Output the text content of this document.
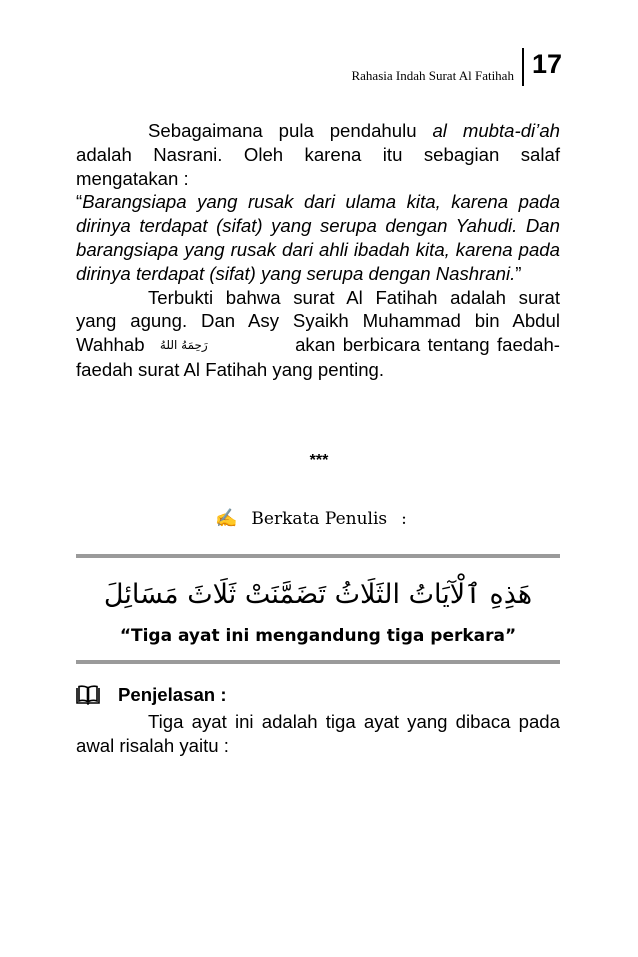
Rahasia Indah Surat Al Fatihah 17

Sebagaimana pula pendahulu al mubta-di’ah adalah Nasrani. Oleh karena itu sebagian salaf mengatakan :

“Barangsiapa yang rusak dari ulama kita, karena pada dirinya terdapat (sifat) yang serupa dengan Yahudi. Dan barangsiapa yang rusak dari ahli ibadah kita, karena pada dirinya terdapat (sifat) yang serupa dengan Nashrani.”

Terbukti bahwa surat Al Fatihah adalah surat yang agung. Dan Asy Syaikh Muhammad bin Abdul Wahhab رَحِمَهُ اللهُ	akan berbicara tentang faedah-faedah surat Al Fatihah yang penting.

***
✍ Berkata Penulis :
هَذِهِ ٱلْآيَاتُ الثَلَاثُ تَضَمَّنَتْ ثَلَاثَ مَسَائِلَ
“Tiga ayat ini mengandung tiga perkara”
Penjelasan :

Tiga ayat ini adalah tiga ayat yang dibaca pada awal risalah yaitu :
